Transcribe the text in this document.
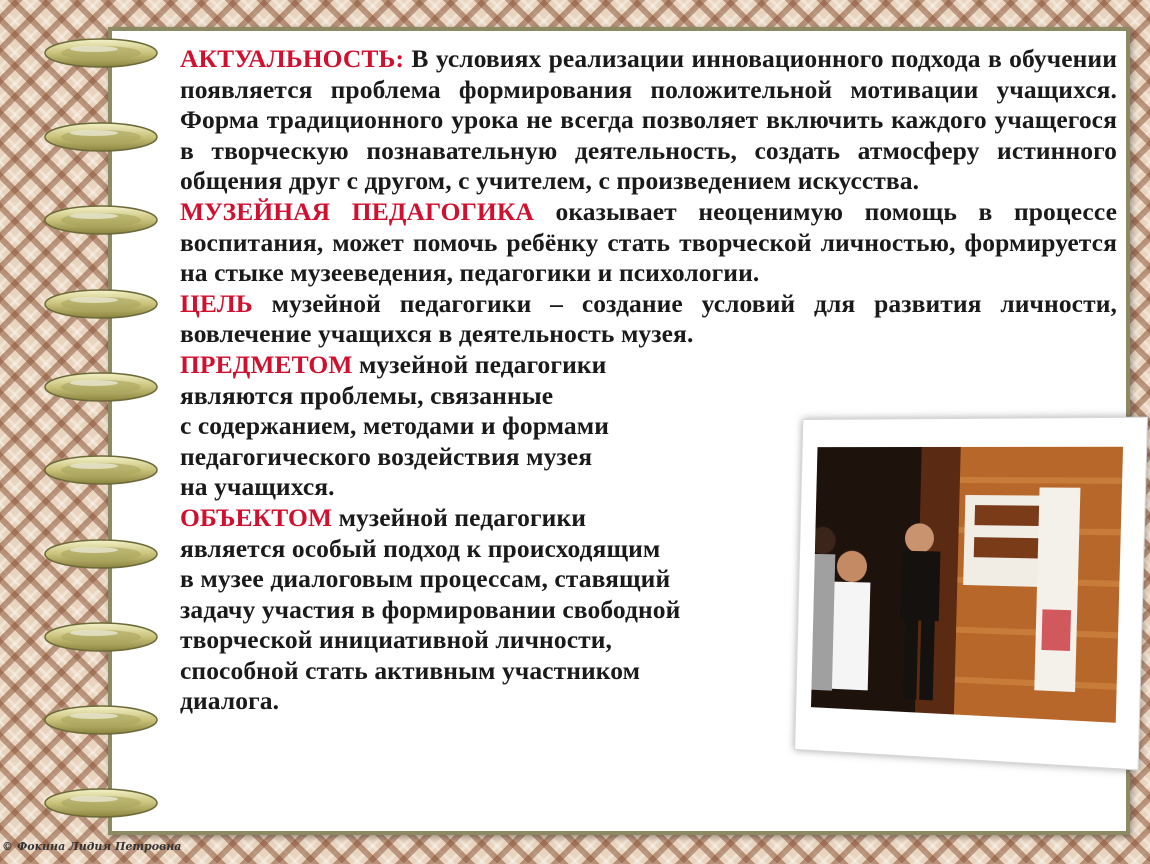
АКТУАЛЬНОСТЬ: В условиях реализации инновационного подхода в обучении появляется проблема формирования положительной мотивации учащихся. Форма традиционного урока не всегда позволяет включить каждого учащегося в творческую познавательную деятельность, создать атмосферу истинного общения друг с другом, с учителем, с произведением искусства.

МУЗЕЙНАЯ ПЕДАГОГИКА оказывает неоценимую помощь в процессе воспитания, может помочь ребёнку стать творческой личностью, формируется на стыке музееведения, педагогики и психологии.

ЦЕЛЬ музейной педагогики – создание условий для развития личности, вовлечение учащихся в деятельность музея.

ПРЕДМЕТОМ музейной педагогики
являются проблемы, связанные
с содержанием, методами и формами
педагогического воздействия музея
на учащихся.
ОБЪЕКТОМ музейной педагогики
является особый подход к происходящим
в музее диалоговым процессам, ставящий
задачу участия в формировании свободной
творческой инициативной личности,
способной стать активным участником
диалога.
© Фокина Лидия Петровна
